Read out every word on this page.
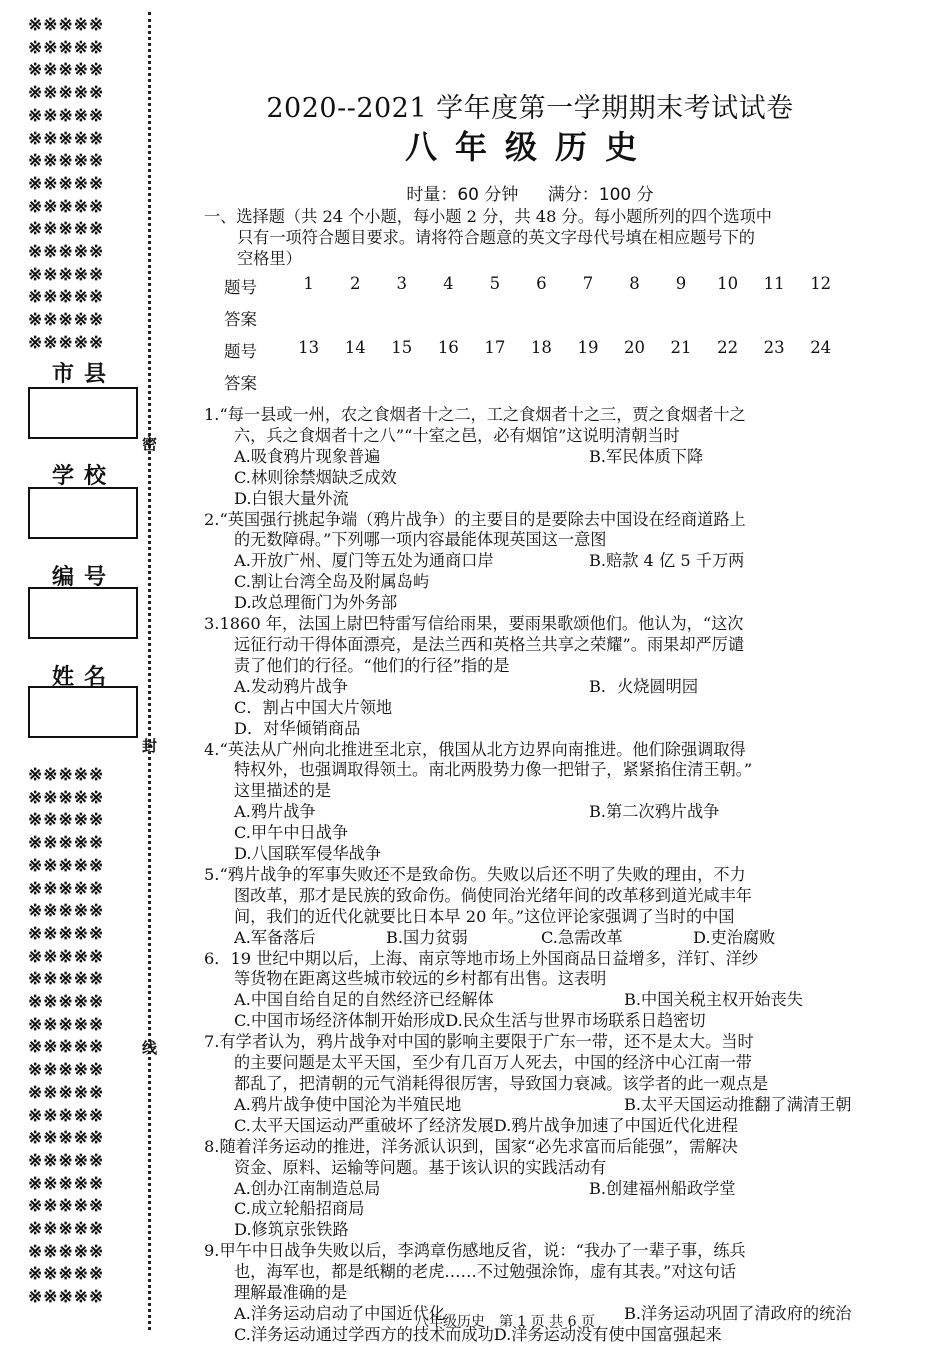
※※※※※
※※※※※
※※※※※
※※※※※
※※※※※
※※※※※
※※※※※
※※※※※
※※※※※
※※※※※
※※※※※
※※※※※
※※※※※
※※※※※
※※※※※
市县
学校
编号
姓名
密
封
线
※※※※※
※※※※※
※※※※※
※※※※※
※※※※※
※※※※※
※※※※※
※※※※※
※※※※※
※※※※※
※※※※※
※※※※※
※※※※※
※※※※※
※※※※※
※※※※※
※※※※※
※※※※※
※※※※※
※※※※※
※※※※※
※※※※※
※※※※※
※※※※※
2020--2021 学年度第一学期期末考试试卷
八年级历史
时量：60 分钟 满分：100 分
一、选择题（共 24 个小题，每小题 2 分，共 48 分。每小题所列的四个选项中
只有一项符合题目要求。请将符合题意的英文字母代号填在相应题号下的
空格里）
题号	1	2	3	4	5	6	7	8	9	10	11	12
答案
题号	13	14	15	16	17	18	19	20	21	22	23	24
答案
1.“每一县或一州，农之食烟者十之二，工之食烟者十之三，贾之食烟者十之
六，兵之食烟者十之八”“十室之邑，必有烟馆”这说明清朝当时
A.吸食鸦片现象普遍	B.军民体质下降
C.林则徐禁烟缺乏成效
D.白银大量外流
2.“英国强行挑起争端（鸦片战争）的主要目的是要除去中国设在经商道路上
的无数障碍。”下列哪一项内容最能体现英国这一意图
A.开放广州、厦门等五处为通商口岸	B.赔款 4 亿 5 千万两
C.割让台湾全岛及附属岛屿
D.改总理衙门为外务部
3.1860 年，法国上尉巴特雷写信给雨果，要雨果歌颂他们。他认为，“这次
远征行动干得体面漂亮，是法兰西和英格兰共享之荣耀”。雨果却严厉谴
责了他们的行径。“他们的行径”指的是
A.发动鸦片战争	B．火烧圆明园
C．割占中国大片领地
D．对华倾销商品
4.“英法从广州向北推进至北京，俄国从北方边界向南推进。他们除强调取得
特权外，也强调取得领土。南北两股势力像一把钳子，紧紧掐住清王朝。”
这里描述的是
A.鸦片战争	B.第二次鸦片战争
C.甲午中日战争
D.八国联军侵华战争
5.“鸦片战争的军事失败还不是致命伤。失败以后还不明了失败的理由，不力
图改革，那才是民族的致命伤。倘使同治光绪年间的改革移到道光咸丰年
间，我们的近代化就要比日本早 20 年。”这位评论家强调了当时的中国
A.军备落后	B.国力贫弱	C.急需改革	D.吏治腐败
6．19 世纪中期以后，上海、南京等地市场上外国商品日益增多，洋钉、洋纱
等货物在距离这些城市较远的乡村都有出售。这表明
A.中国自给自足的自然经济已经解体	B.中国关税主权开始丧失
C.中国市场经济体制开始形成 D.民众生活与世界市场联系日趋密切
7.有学者认为，鸦片战争对中国的影响主要限于广东一带，还不是太大。当时
的主要问题是太平天国，至少有几百万人死去，中国的经济中心江南一带
都乱了，把清朝的元气消耗得很厉害，导致国力衰减。该学者的此一观点是
A.鸦片战争使中国沦为半殖民地	B.太平天国运动推翻了满清王朝
C.太平天国运动严重破坏了经济发展 D.鸦片战争加速了中国近代化进程
8.随着洋务运动的推进，洋务派认识到，国家“必先求富而后能强”，需解决
资金、原料、运输等问题。基于该认识的实践活动有
A.创办江南制造总局	B.创建福州船政学堂
C.成立轮船招商局
D.修筑京张铁路
9.甲午中日战争失败以后，李鸿章伤感地反省，说：“我办了一辈子事，练兵
也，海军也，都是纸糊的老虎……不过勉强涂饰，虚有其表。”对这句话
理解最准确的是
A.洋务运动启动了中国近代化	B.洋务运动巩固了清政府的统治
C.洋务运动通过学西方的技术而成功 D.洋务运动没有使中国富强起来
八年级历史　第 1 页 共 6 页
